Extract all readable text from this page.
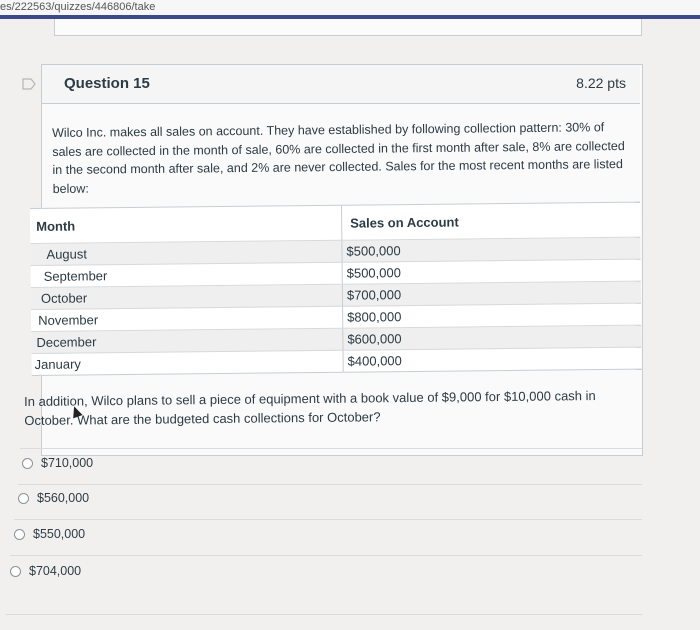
es/222563/quizzes/446806/take
Question 15	8.22 pts
Wilco Inc. makes all sales on account. They have established by following collection pattern: 30% of sales are collected in the month of sale, 60% are collected in the first month after sale, 8% are collected in the second month after sale, and 2% are never collected. Sales for the most recent months are listed below:
Month	Sales on Account
August	$500,000
September	$500,000
October	$700,000
November	$800,000
December	$600,000
January	$400,000
In addition, Wilco plans to sell a piece of equipment with a book value of $9,000 for $10,000 cash in October. What are the budgeted cash collections for October?
$710,000
$560,000
$550,000
$704,000
